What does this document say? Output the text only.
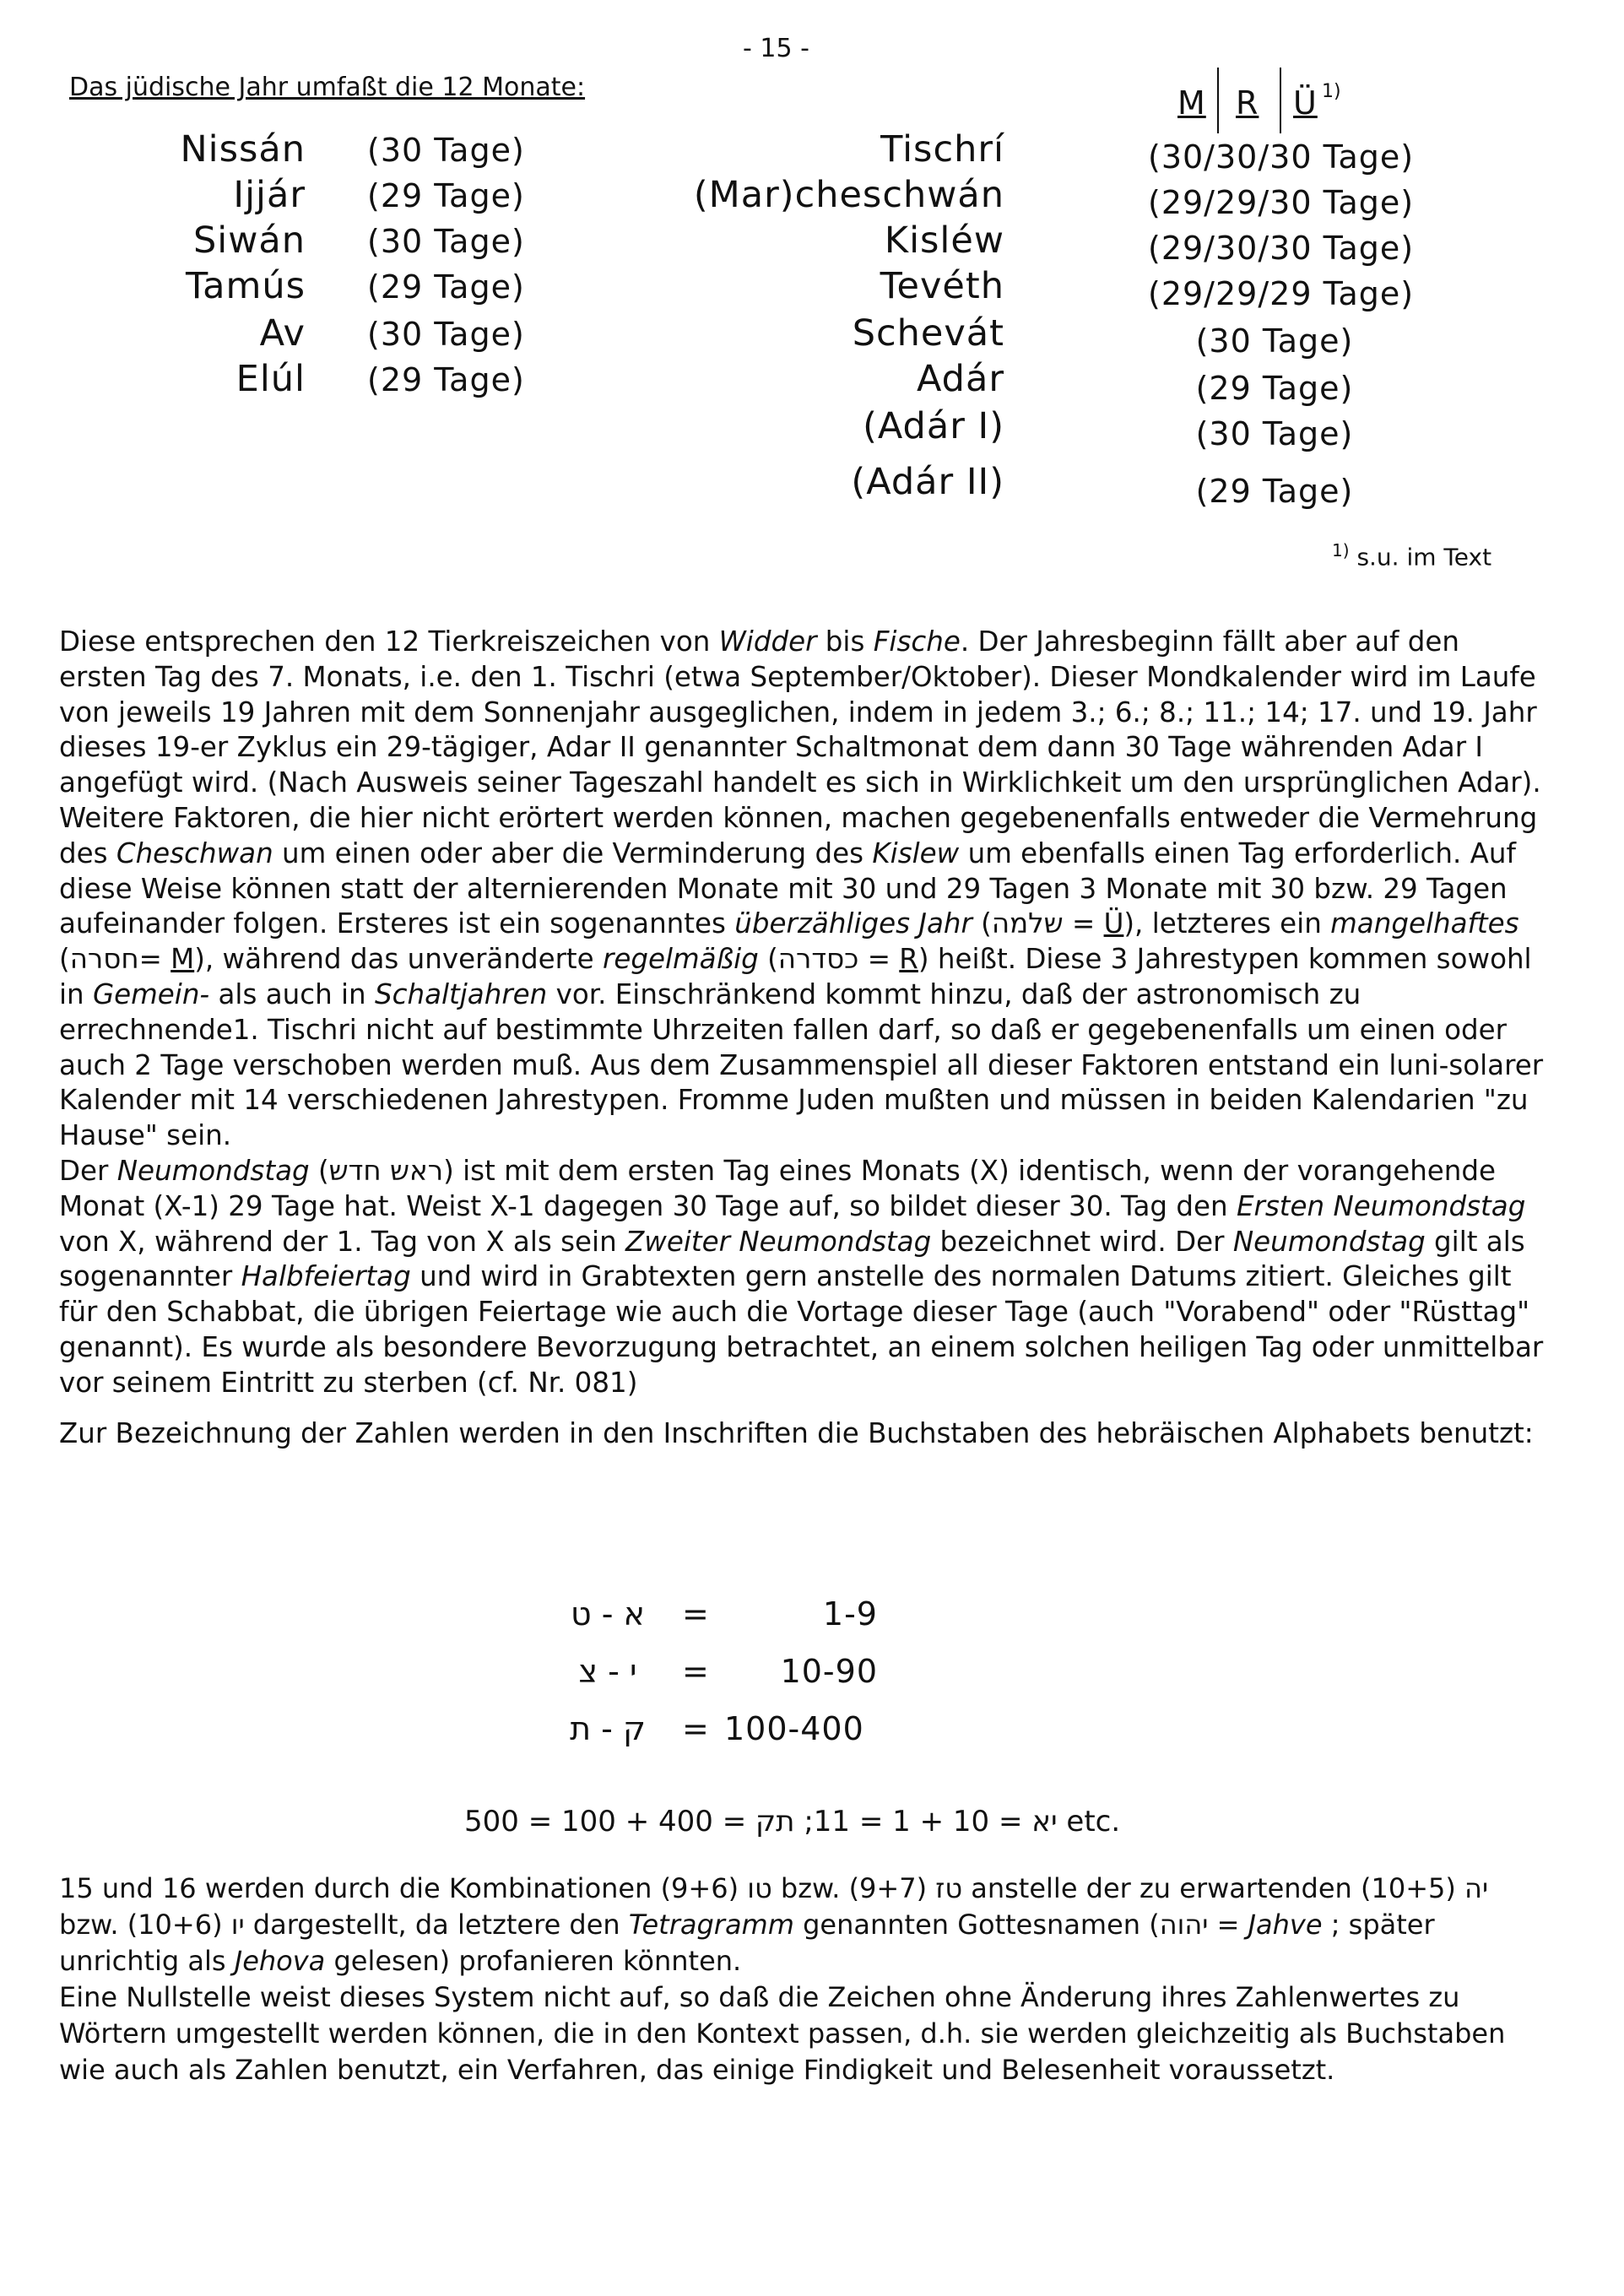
- 15 -
Das jüdische Jahr umfaßt die 12 Monate:	M R Ü 1)
Nissán (30 Tage)
Ijjár (29 Tage)
Siwán (30 Tage)
Tamús (29 Tage)
Av (30 Tage)
Elúl (29 Tage)
Tischrí	(30/30/30 Tage)
(Mar)cheschwán	(29/29/30 Tage)
Kisléw	(29/30/30 Tage)
Tevéth	(29/29/29 Tage)
Schevát	(30 Tage)
Adár	(29 Tage)
(Adár I)	(30 Tage)
(Adár II)	(29 Tage)
$^{1)}$ s.u. im Text

Diese entsprechen den 12 Tierkreiszeichen von Widder bis Fische. Der Jahresbeginn fällt aber auf den ersten Tag des 7. Monats, i.e. den 1. Tischri (etwa September/Oktober). Dieser Mondkalender wird im Laufe von jeweils 19 Jahren mit dem Sonnenjahr ausgeglichen, indem in jedem 3.; 6.; 8.; 11.; 14; 17. und 19. Jahr dieses 19-er Zyklus ein 29-tägiger, Adar II genannter Schaltmonat dem dann 30 Tage währenden Adar I angefügt wird. (Nach Ausweis seiner Tageszahl handelt es sich in Wirklichkeit um den ursprünglichen Adar). Weitere Faktoren, die hier nicht erörtert werden können, machen gegebenenfalls entweder die Vermehrung des Cheschwan um einen oder aber die Verminderung des Kislew um ebenfalls einen Tag erforderlich. Auf diese Weise können statt der alternierenden Monate mit 30 und 29 Tagen 3 Monate mit 30 bzw. 29 Tagen aufeinander folgen. Ersteres ist ein sogenanntes überzähliges Jahr (שלמה = Ü), letzteres ein mangelhaftes (חסרה= M), während das unveränderte regelmäßig (כסדרה = R) heißt. Diese 3 Jahrestypen kommen sowohl in Gemein- als auch in Schaltjahren vor. Einschränkend kommt hinzu, daß der astronomisch zu errechnende1. Tischri nicht auf bestimmte Uhrzeiten fallen darf, so daß er gegebenenfalls um einen oder auch 2 Tage verschoben werden muß. Aus dem Zusammenspiel all dieser Faktoren entstand ein luni-solarer Kalender mit 14 verschiedenen Jahrestypen. Fromme Juden mußten und müssen in beiden Kalendarien "zu Hause" sein.

Der Neumondstag (ראש חדש) ist mit dem ersten Tag eines Monats (X) identisch, wenn der vorangehende Monat (X-1) 29 Tage hat. Weist X-1 dagegen 30 Tage auf, so bildet dieser 30. Tag den Ersten Neumondstag von X, während der 1. Tag von X als sein Zweiter Neumondstag bezeichnet wird. Der Neumondstag gilt als sogenannter Halbfeiertag und wird in Grabtexten gern anstelle des normalen Datums zitiert. Gleiches gilt für den Schabbat, die übrigen Feiertage wie auch die Vortage dieser Tage (auch "Vorabend" oder "Rüsttag" genannt). Es wurde als besondere Bevorzugung betrachtet, an einem solchen heiligen Tag oder unmittelbar vor seinem Eintritt zu sterben (cf. Nr. 081)

Zur Bezeichnung der Zahlen werden in den Inschriften die Buchstaben des hebräischen Alphabets benutzt:

א - ט	=	1-9
י - צ	=	10-90
ק - ת	= 100-400
יא = 10 + 1 = 11; תק = 400 + 100 = 500 etc.

15 und 16 werden durch die Kombinationen	טו (9+6) bzw.	טז (9+7) anstelle der zu erwartenden	יה (10+5) bzw.	יו (10+6) dargestellt, da letztere den Tetragramm genannten Gottesnamen (יהוה = Jahve ; später unrichtig als Jehova gelesen) profanieren könnten.

Eine Nullstelle weist dieses System nicht auf, so daß die Zeichen ohne Änderung ihres Zahlenwertes zu Wörtern umgestellt werden können, die in den Kontext passen, d.h. sie werden gleichzeitig als Buchstaben wie auch als Zahlen benutzt, ein Verfahren, das einige Findigkeit und Belesenheit voraussetzt.
